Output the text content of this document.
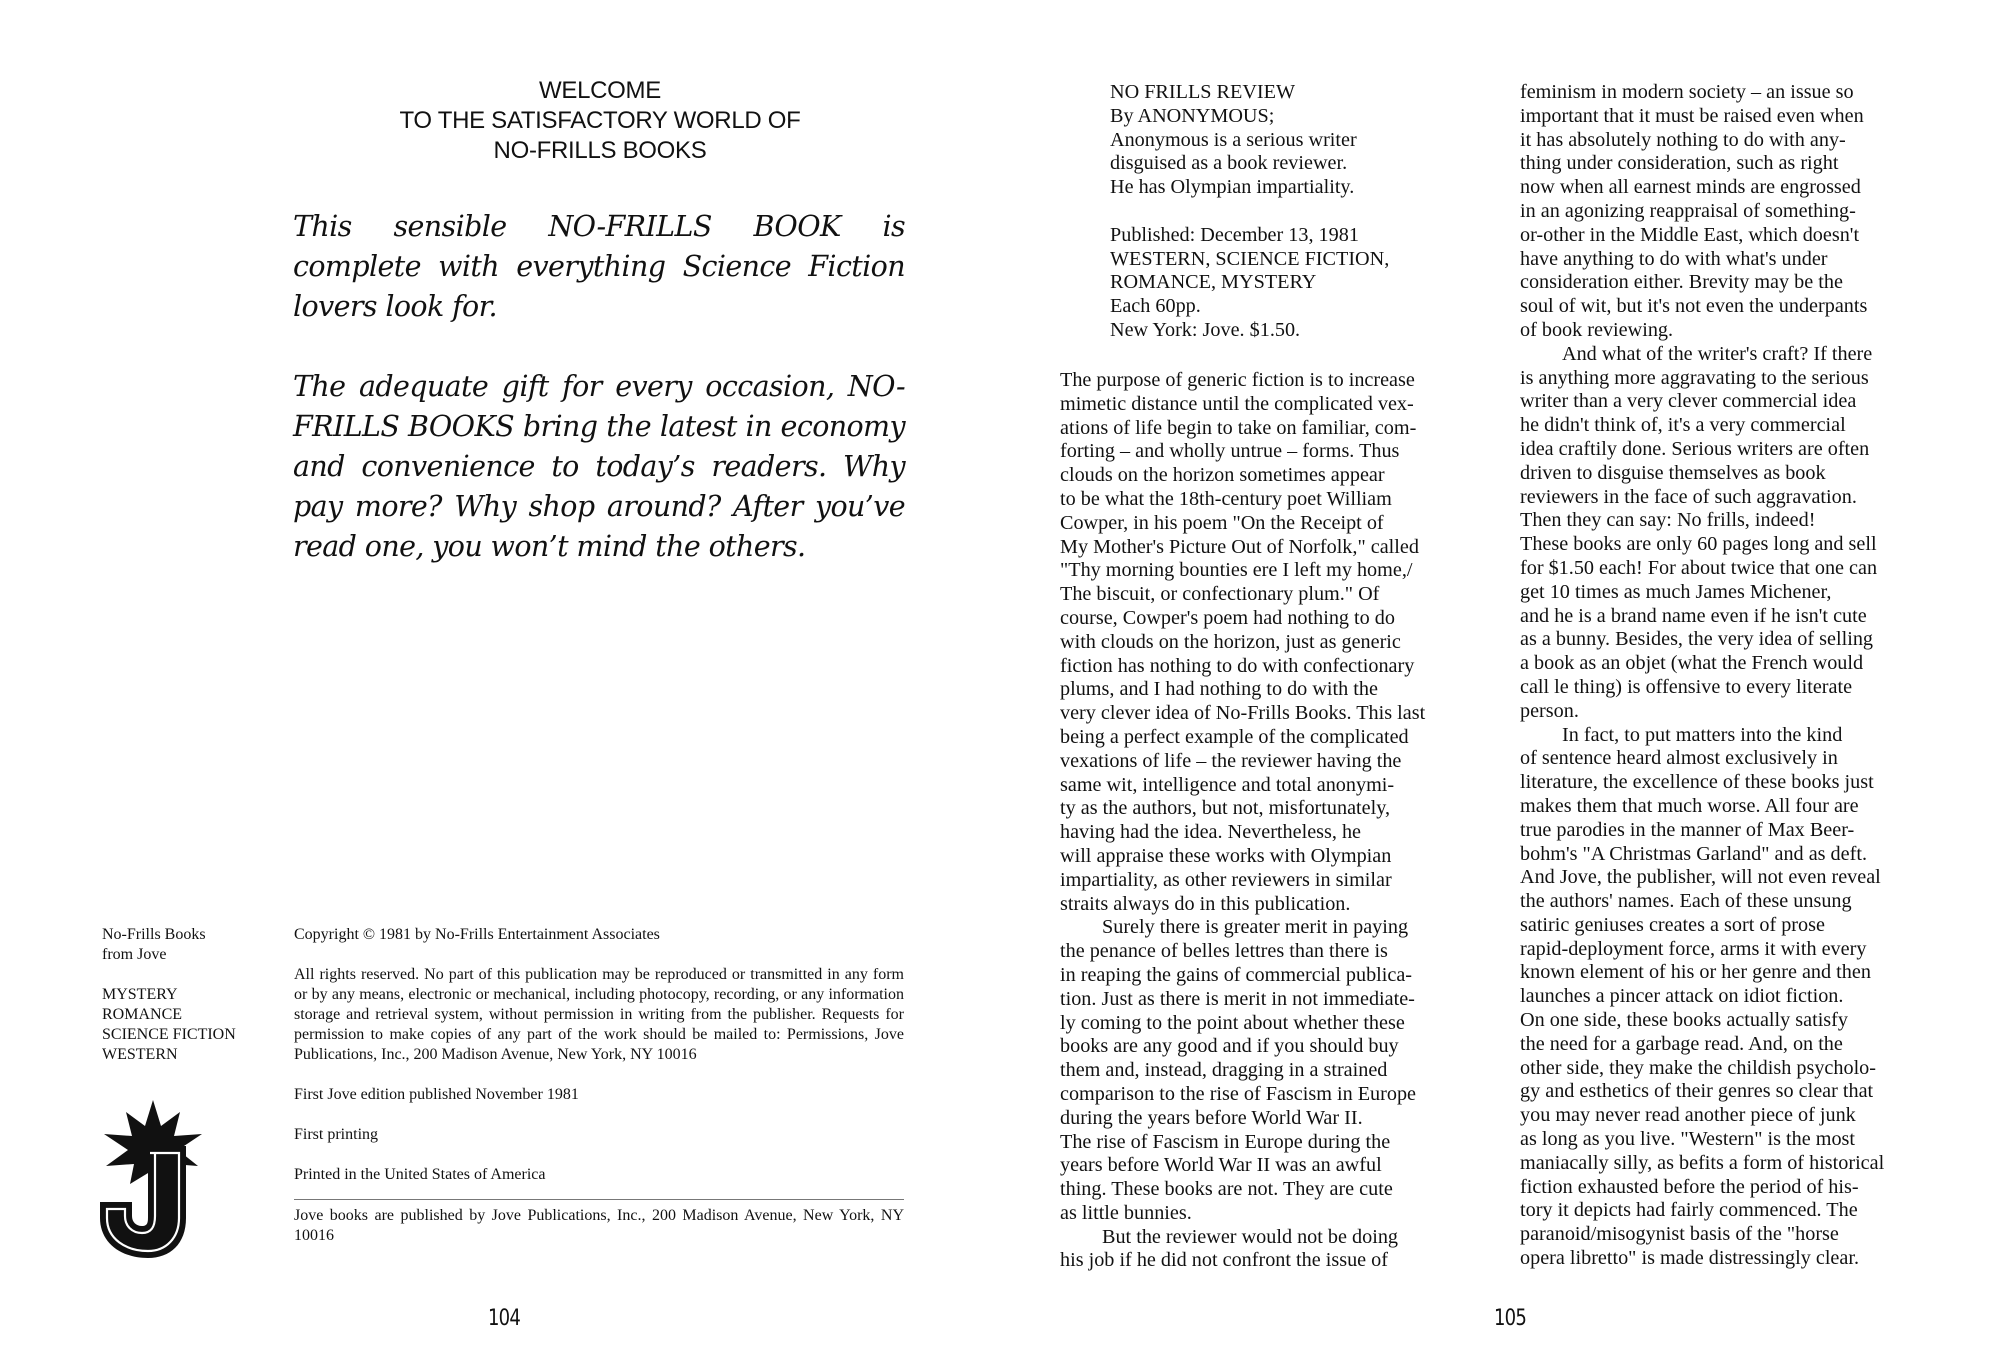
WELCOME
TO THE SATISFACTORY WORLD OF
NO-FRILLS BOOKS

This sensible NO-FRILLS BOOK is complete with everything Science Fiction lovers look for.

The adequate gift for every occasion, NO-FRILLS BOOKS bring the latest in economy and convenience to today’s readers. Why pay more? Why shop around? After you’ve read one, you won’t mind the others.

No-Frills Books
from Jove

MYSTERY
ROMANCE
SCIENCE FICTION
WESTERN

Copyright © 1981 by No-Frills Entertainment Associates

All rights reserved. No part of this publication may be reproduced or transmitted in any form or by any means, electronic or mechanical, including photocopy, recording, or any information storage and retrieval system, without permission in writing from the publisher. Requests for permission to make copies of any part of the work should be mailed to: Permissions, Jove Publications, Inc., 200 Madison Avenue, New York, NY 10016

First Jove edition published November 1981

First printing

Printed in the United States of America

Jove books are published by Jove Publications, Inc., 200 Madison Avenue, New York, NY 10016

104
NO FRILLS REVIEW
By ANONYMOUS;
Anonymous is a serious writer
disguised as a book reviewer.
He has Olympian impartiality.
Published: December 13, 1981
WESTERN, SCIENCE FICTION,
ROMANCE, MYSTERY
Each 60pp.
New York: Jove. $1.50.
The purpose of generic fiction is to increase
mimetic distance until the complicated vex-
ations of life begin to take on familiar, com-
forting – and wholly untrue – forms. Thus
clouds on the horizon sometimes appear
to be what the 18th-century poet William
Cowper, in his poem "On the Receipt of
My Mother's Picture Out of Norfolk," called
"Thy morning bounties ere I left my home,/
The biscuit, or confectionary plum." Of
course, Cowper's poem had nothing to do
with clouds on the horizon, just as generic
fiction has nothing to do with confectionary
plums, and I had nothing to do with the
very clever idea of No-Frills Books. This last
being a perfect example of the complicated
vexations of life – the reviewer having the
same wit, intelligence and total anonymi-
ty as the authors, but not, misfortunately,
having had the idea. Nevertheless, he
will appraise these works with Olympian
impartiality, as other reviewers in similar
straits always do in this publication.
Surely there is greater merit in paying
the penance of belles lettres than there is
in reaping the gains of commercial publica-
tion. Just as there is merit in not immediate-
ly coming to the point about whether these
books are any good and if you should buy
them and, instead, dragging in a strained
comparison to the rise of Fascism in Europe
during the years before World War II.
The rise of Fascism in Europe during the
years before World War II was an awful
thing. These books are not. They are cute
as little bunnies.
But the reviewer would not be doing
his job if he did not confront the issue of
feminism in modern society – an issue so
important that it must be raised even when
it has absolutely nothing to do with any-
thing under consideration, such as right
now when all earnest minds are engrossed
in an agonizing reappraisal of something-
or-other in the Middle East, which doesn't
have anything to do with what's under
consideration either. Brevity may be the
soul of wit, but it's not even the underpants
of book reviewing.
And what of the writer's craft? If there
is anything more aggravating to the serious
writer than a very clever commercial idea
he didn't think of, it's a very commercial
idea craftily done. Serious writers are often
driven to disguise themselves as book
reviewers in the face of such aggravation.
Then they can say: No frills, indeed!
These books are only 60 pages long and sell
for $1.50 each! For about twice that one can
get 10 times as much James Michener,
and he is a brand name even if he isn't cute
as a bunny. Besides, the very idea of selling
a book as an objet (what the French would
call le thing) is offensive to every literate
person.
In fact, to put matters into the kind
of sentence heard almost exclusively in
literature, the excellence of these books just
makes them that much worse. All four are
true parodies in the manner of Max Beer-
bohm's "A Christmas Garland" and as deft.
And Jove, the publisher, will not even reveal
the authors' names. Each of these unsung
satiric geniuses creates a sort of prose
rapid-deployment force, arms it with every
known element of his or her genre and then
launches a pincer attack on idiot fiction.
On one side, these books actually satisfy
the need for a garbage read. And, on the
other side, they make the childish psycholo-
gy and esthetics of their genres so clear that
you may never read another piece of junk
as long as you live. "Western" is the most
maniacally silly, as befits a form of historical
fiction exhausted before the period of his-
tory it depicts had fairly commenced. The
paranoid/misogynist basis of the "horse
opera libretto" is made distressingly clear.
105
